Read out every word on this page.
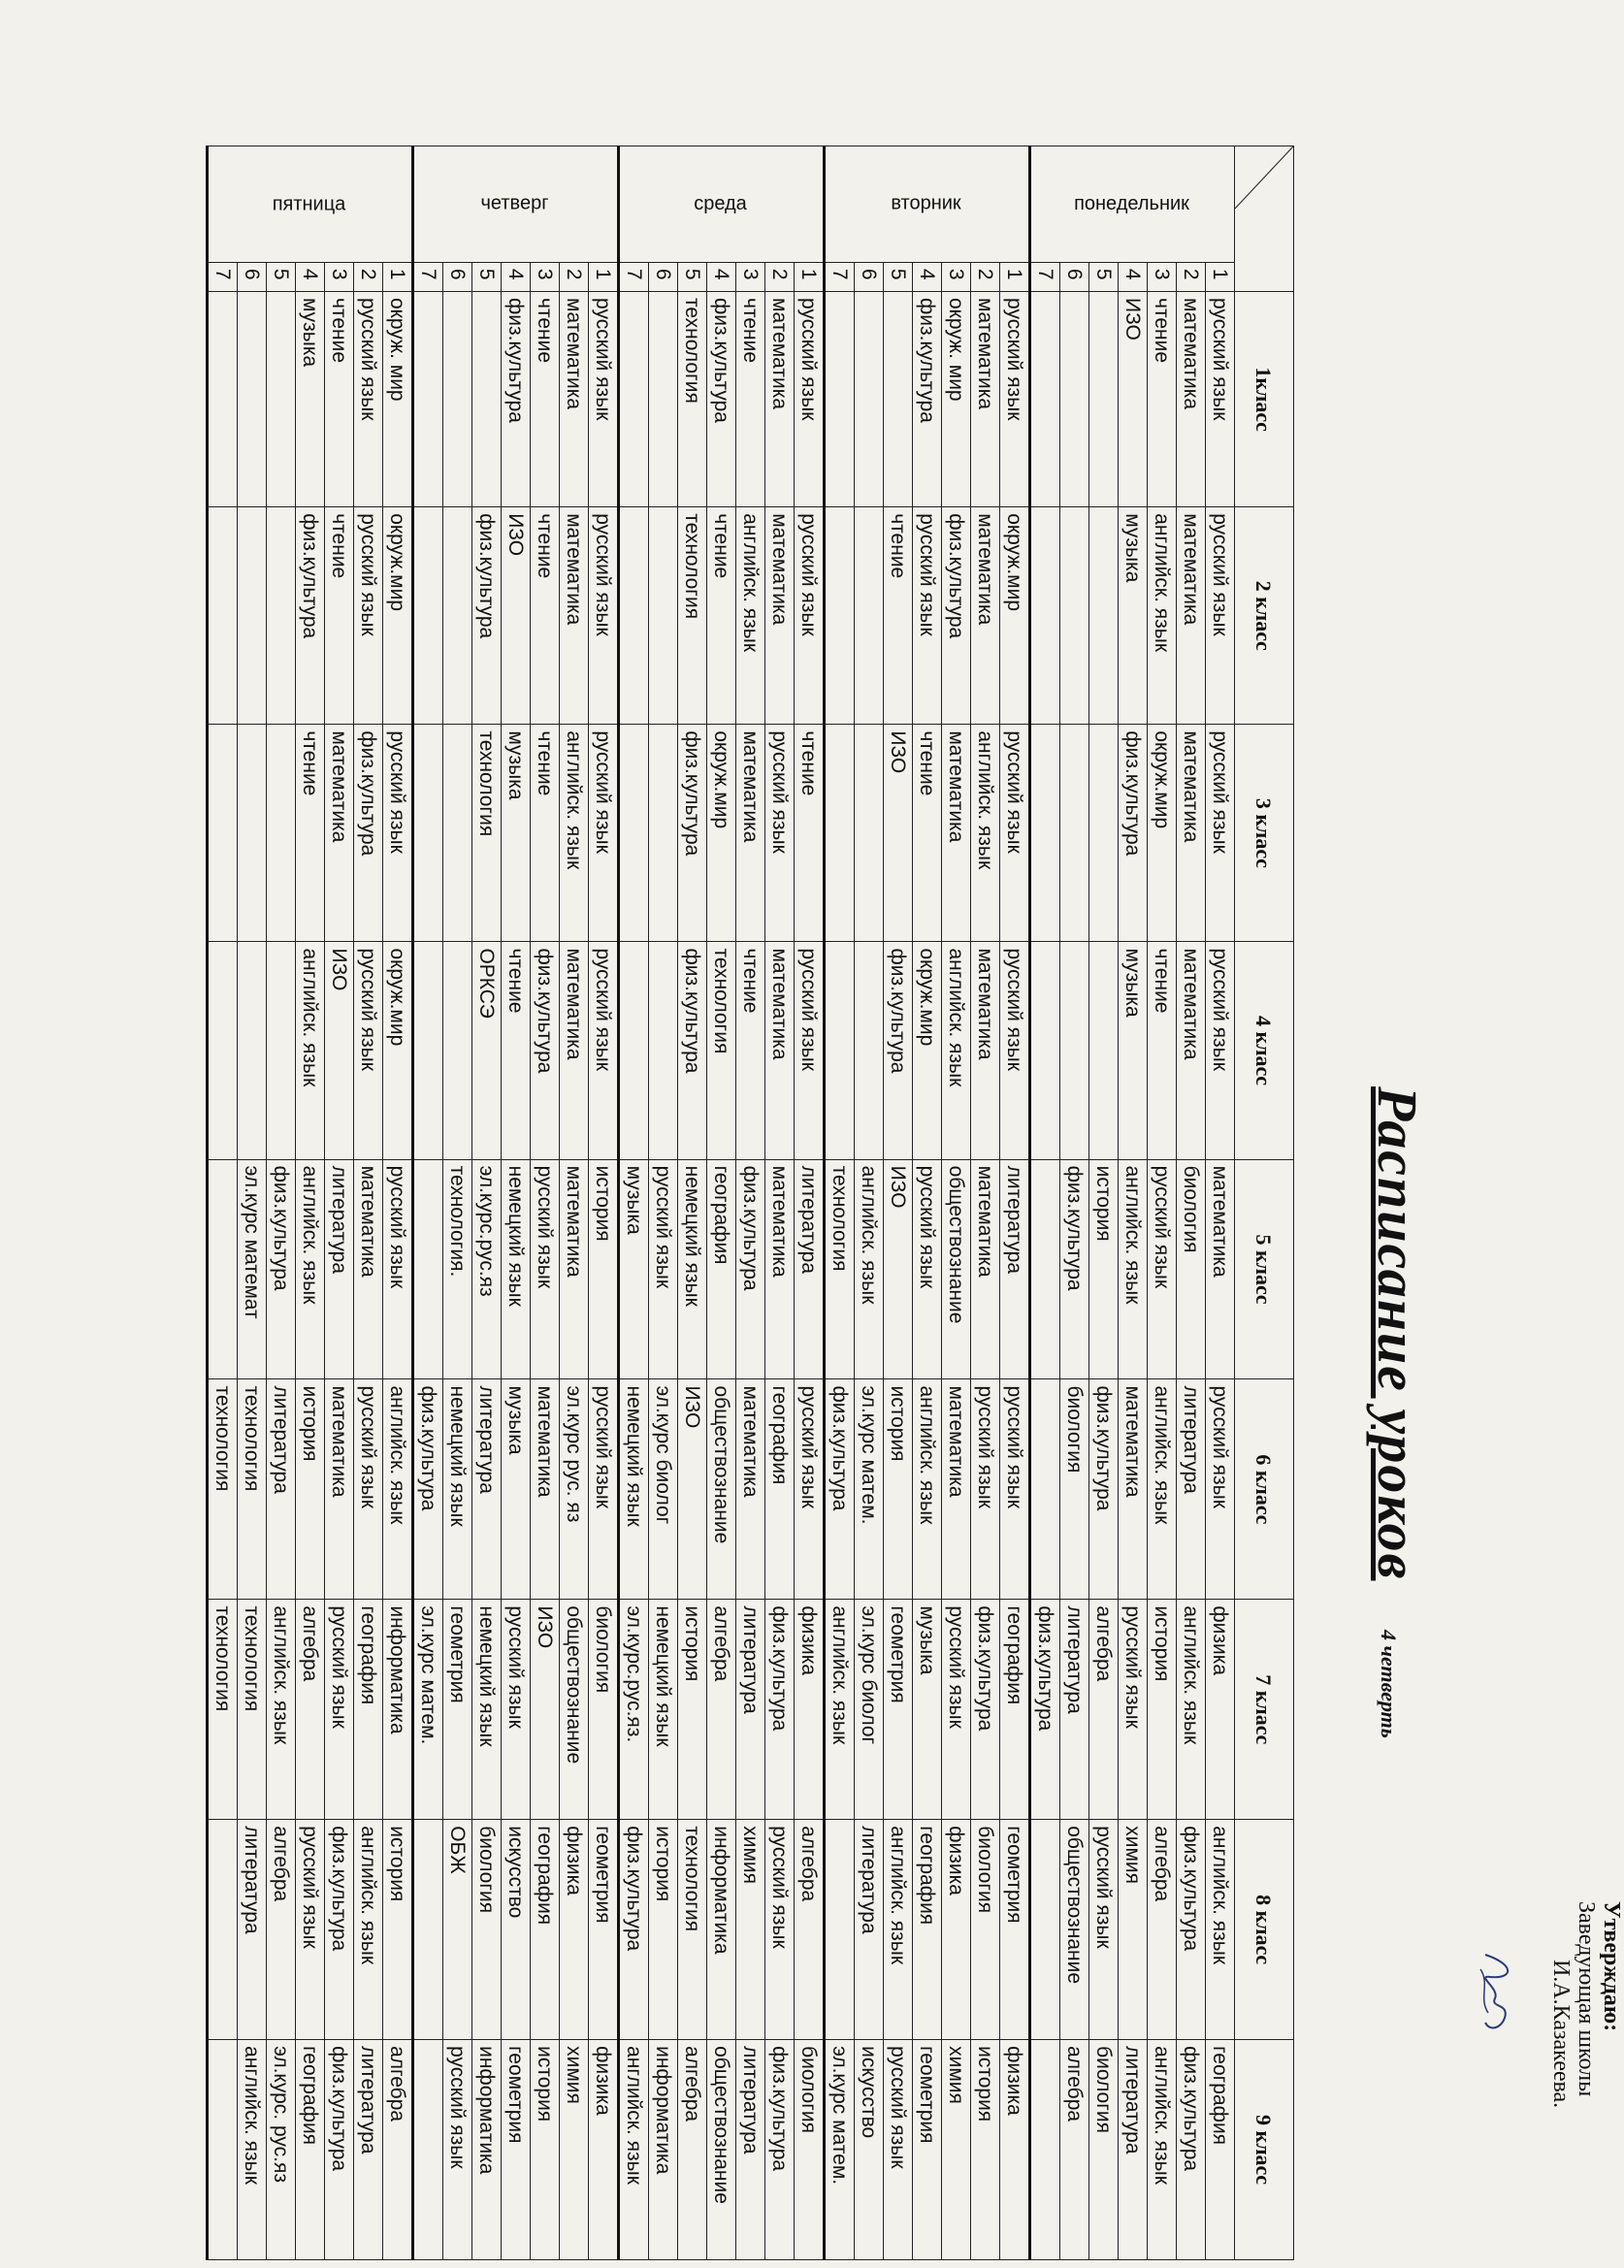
Утверждаю:
Заведующая школы
И.А.Казакеева.
Расписание уроков
4 четверть
	1класс	2 класс	3 класс	4 класс	5 класс	6 класс	7 класс	8 класс	9 класс
понедельник	1	русский язык	русский язык	русский язык	русский язык	математика	русский язык	физика	английск. язык	география
	2	математика	математика	математика	математика	биология	литература	английск. язык	физ.культура	физ.культура
	3	чтение	английск. язык	окруж.мир	чтение	русский язык	английск. язык	история	алгебра	английск. язык
	4	ИЗО	музыка	физ.культура	музыка	английск. язык	математика	русский язык	химия	литература
	5					история	физ.культура	алгебра	русский язык	биология
	6					физ.культура	биология	литература	обществознание	алгебра
	7							физ.культура		
вторник	1	русский язык	окруж.мир	русский язык	русский язык	литература	русский язык	география	геометрия	физика
	2	математика	математика	английск. язык	математика	математика	русский язык	физ.культура	биология	история
	3	окруж. мир	физ.культура	математика	английск. язык	обществознание	математика	русский язык	физика	химия
	4	физ.культура	русский язык	чтение	окруж.мир	русский язык	английск. язык	музыка	география	геометрия
	5		чтение	ИЗО	физ.культура	ИЗО	история	геометрия	английск. язык	русский язык
	6					английск. язык	эл.курс матем.	эл.курс биолог	литература	искусство
	7					технология	физ.культура	английск. язык		эл.курс матем.
среда	1	русский язык	русский язык	чтение	русский язык	литература	русский язык	физика	алгебра	биология
	2	математика	математика	русский язык	математика	математика	география	физ.культура	русский язык	физ.культура
	3	чтение	английск. язык	математика	чтение	физ.культура	математика	литература	химия	литература
	4	физ.культура	чтение	окруж.мир	технология	география	обществознание	алгебра	информатика	обществознание
	5	технология	технология	физ.культура	физ.культура	немецкий язык	ИЗО	история	технология	алгебра
	6					русский язык	эл.курс биолог	немецкий язык	история	информатика
	7					музыка	немецкий язык	эл.курс.рус.яз.	физ.культура	английск. язык
четверг	1	русский язык	русский язык	русский язык	русский язык	история	русский язык	биология	геометрия	физика
	2	математика	математика	английск. язык	математика	математика	эл.курс рус. яз	обществознание	физика	химия
	3	чтение	чтение	чтение	физ.культура	русский язык	математика	ИЗО	география	история
	4	физ.культура	ИЗО	музыка	чтение	немецкий язык	музыка	русский язык	искусство	геометрия
	5		физ.культура	технология	ОРКСЭ	эл.курс.рус.яз	литература	немецкий язык	биология	информатика
	6					технология.	немецкий язык	геометрия	ОБЖ	русский язык
	7						физ.культура	эл.курс матем.		
пятница	1	окруж. мир	окруж.мир	русский язык	окруж.мир	русский язык	английск. язык	информатика	история	алгебра
	2	русский язык	русский язык	физ.культура	русский язык	математика	русский язык	география	английск. язык	литература
	3	чтение	чтение	математика	ИЗО	литература	математика	русский язык	физ.культура	физ.культура
	4	музыка	физ.культура	чтение	английск. язык	английск. язык	история	алгебра	русский язык	география
	5					физ.культура	литература	английск. язык	алгебра	эл.курс. рус.яз
	6					эл.курс математ	технология	технология	литература	английск. язык
	7						технология	технология		
